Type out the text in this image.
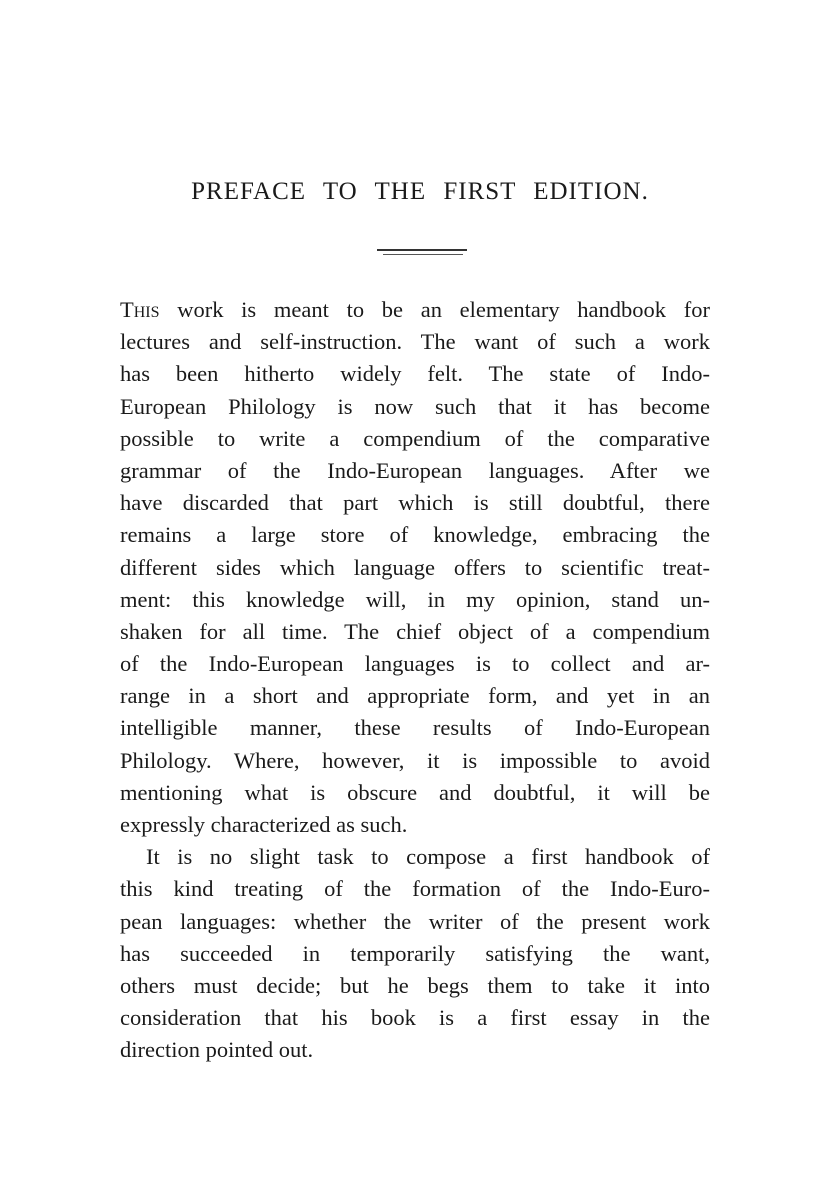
PREFACE TO THE FIRST EDITION.
This work is meant to be an elementary handbook for
lectures and self-instruction. The want of such a work
has been hitherto widely felt. The state of Indo-
European Philology is now such that it has become
possible to write a compendium of the comparative
grammar of the Indo-European languages. After we
have discarded that part which is still doubtful, there
remains a large store of knowledge, embracing the
different sides which language offers to scientific treat-
ment: this knowledge will, in my opinion, stand un-
shaken for all time. The chief object of a compendium
of the Indo-European languages is to collect and ar-
range in a short and appropriate form, and yet in an
intelligible manner, these results of Indo-European
Philology. Where, however, it is impossible to avoid
mentioning what is obscure and doubtful, it will be
expressly characterized as such.
It is no slight task to compose a first handbook of
this kind treating of the formation of the Indo-Euro-
pean languages: whether the writer of the present work
has succeeded in temporarily satisfying the want,
others must decide; but he begs them to take it into
consideration that his book is a first essay in the
direction pointed out.
